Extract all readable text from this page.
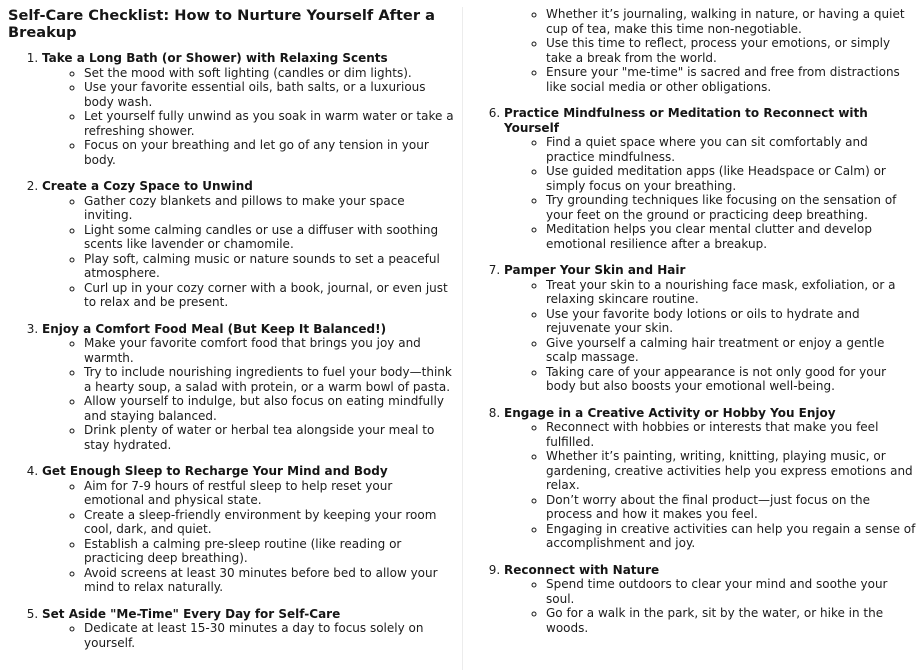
Self-Care Checklist: How to Nurture Yourself After a Breakup
1. Take a Long Bath (or Shower) with Relaxing Scents
◦ Set the mood with soft lighting (candles or dim lights).
◦ Use your favorite essential oils, bath salts, or a luxurious body wash.
◦ Let yourself fully unwind as you soak in warm water or take a refreshing shower.
◦ Focus on your breathing and let go of any tension in your body.
2. Create a Cozy Space to Unwind
◦ Gather cozy blankets and pillows to make your space inviting.
◦ Light some calming candles or use a diffuser with soothing scents like lavender or chamomile.
◦ Play soft, calming music or nature sounds to set a peaceful atmosphere.
◦ Curl up in your cozy corner with a book, journal, or even just to relax and be present.
3. Enjoy a Comfort Food Meal (But Keep It Balanced!)
◦ Make your favorite comfort food that brings you joy and warmth.
◦ Try to include nourishing ingredients to fuel your body—think a hearty soup, a salad with protein, or a warm bowl of pasta.
◦ Allow yourself to indulge, but also focus on eating mindfully and staying balanced.
◦ Drink plenty of water or herbal tea alongside your meal to stay hydrated.
4. Get Enough Sleep to Recharge Your Mind and Body
◦ Aim for 7-9 hours of restful sleep to help reset your emotional and physical state.
◦ Create a sleep-friendly environment by keeping your room cool, dark, and quiet.
◦ Establish a calming pre-sleep routine (like reading or practicing deep breathing).
◦ Avoid screens at least 30 minutes before bed to allow your mind to relax naturally.
5. Set Aside "Me-Time" Every Day for Self-Care
◦ Dedicate at least 15-30 minutes a day to focus solely on yourself.
◦ Whether it’s journaling, walking in nature, or having a quiet cup of tea, make this time non-negotiable.
◦ Use this time to reflect, process your emotions, or simply take a break from the world.
◦ Ensure your "me-time" is sacred and free from distractions like social media or other obligations.
6. Practice Mindfulness or Meditation to Reconnect with Yourself
◦ Find a quiet space where you can sit comfortably and practice mindfulness.
◦ Use guided meditation apps (like Headspace or Calm) or simply focus on your breathing.
◦ Try grounding techniques like focusing on the sensation of your feet on the ground or practicing deep breathing.
◦ Meditation helps you clear mental clutter and develop emotional resilience after a breakup.
7. Pamper Your Skin and Hair
◦ Treat your skin to a nourishing face mask, exfoliation, or a relaxing skincare routine.
◦ Use your favorite body lotions or oils to hydrate and rejuvenate your skin.
◦ Give yourself a calming hair treatment or enjoy a gentle scalp massage.
◦ Taking care of your appearance is not only good for your body but also boosts your emotional well-being.
8. Engage in a Creative Activity or Hobby You Enjoy
◦ Reconnect with hobbies or interests that make you feel fulfilled.
◦ Whether it’s painting, writing, knitting, playing music, or gardening, creative activities help you express emotions and relax.
◦ Don’t worry about the final product—just focus on the process and how it makes you feel.
◦ Engaging in creative activities can help you regain a sense of accomplishment and joy.
9. Reconnect with Nature
◦ Spend time outdoors to clear your mind and soothe your soul.
◦ Go for a walk in the park, sit by the water, or hike in the woods.
